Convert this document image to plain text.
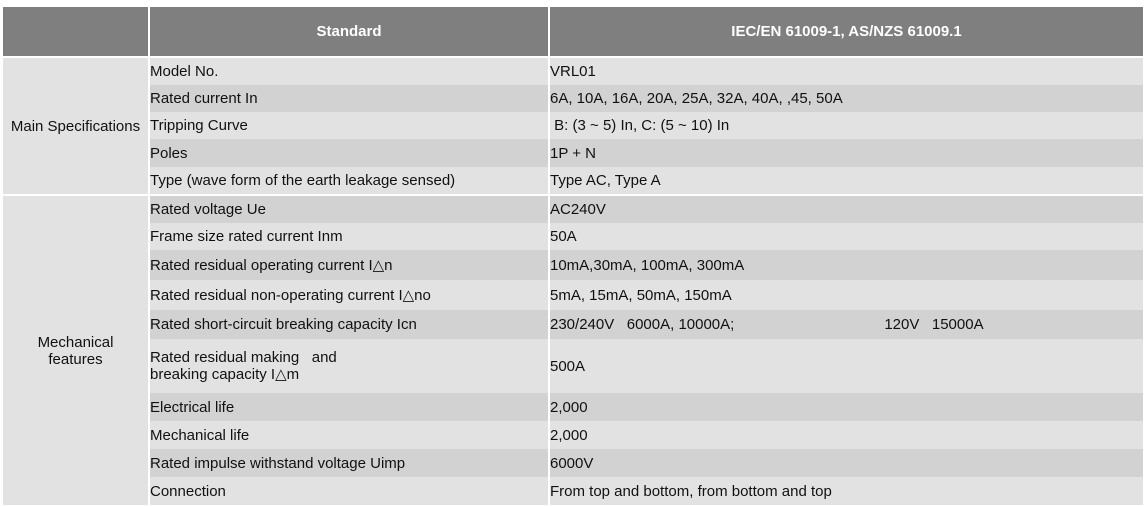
	Standard	IEC/EN 61009-1, AS/NZS 61009.1
Main Specifications	Model No.	VRL01
	Rated current In	6A, 10A, 16A, 20A, 25A, 32A, 40A, ,45, 50A
	Tripping Curve	B: (3 ~ 5) In, C: (5 ~ 10) In
	Poles	1P + N
	Type (wave form of the earth leakage sensed)	Type AC, Type A
Mechanical features	Rated voltage Ue	AC240V
	Frame size rated current Inm	50A
	Rated residual operating current I△n	10mA,30mA, 100mA, 300mA
	Rated residual non-operating current I△no	5mA, 15mA, 50mA, 150mA
	Rated short-circuit breaking capacity Icn	230/240V   6000A, 10000A; 120V   15000A

	Rated residual making   and
breaking capacity I△m	500A
	Electrical life	2,000
	Mechanical life	2,000
	Rated impulse withstand voltage Uimp	6000V
	Connection	From top and bottom, from bottom and top
